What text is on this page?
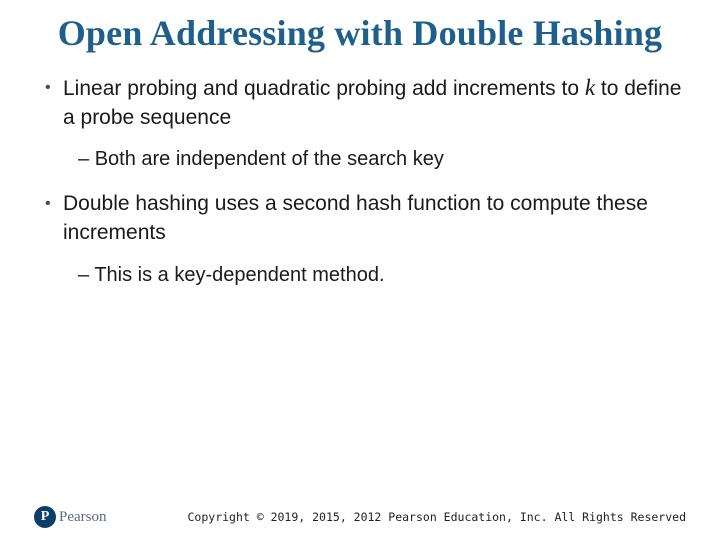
Open Addressing with Double Hashing
• Linear probing and quadratic probing add increments to k to define a probe sequence
– Both are independent of the search key
• Double hashing uses a second hash function to compute these increments
– This is a key-dependent method.
P Pearson	Copyright © 2019, 2015, 2012 Pearson Education, Inc. All Rights Reserved
